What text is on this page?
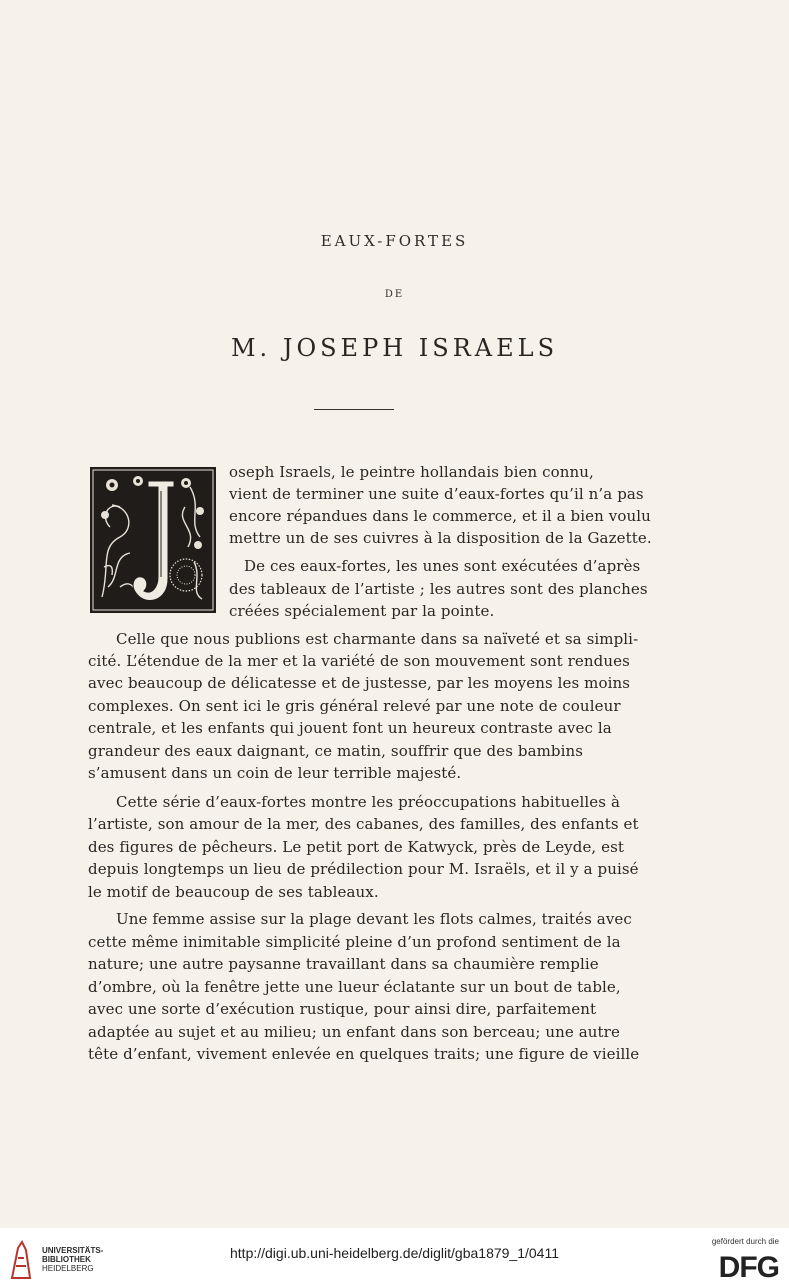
EAUX-FORTES
DE
M. JOSEPH ISRAELS
oseph Israels, le peintre hollandais bien connu,
vient de terminer une suite d’eaux-fortes qu’il n’a pas
encore répandues dans le commerce, et il a bien voulu
mettre un de ses cuivres à la disposition de la Gazette.
De ces eaux-fortes, les unes sont exécutées d’après
des tableaux de l’artiste ; les autres sont des planches
créées spécialement par la pointe.
Celle que nous publions est charmante dans sa naïveté et sa simpli-
cité. L’étendue de la mer et la variété de son mouvement sont rendues
avec beaucoup de délicatesse et de justesse, par les moyens les moins
complexes. On sent ici le gris général relevé par une note de couleur
centrale, et les enfants qui jouent font un heureux contraste avec la
grandeur des eaux daignant, ce matin, souffrir que des bambins
s’amusent dans un coin de leur terrible majesté.
Cette série d’eaux-fortes montre les préoccupations habituelles à
l’artiste, son amour de la mer, des cabanes, des familles, des enfants et
des figures de pêcheurs. Le petit port de Katwyck, près de Leyde, est
depuis longtemps un lieu de prédilection pour M. Israëls, et il y a puisé
le motif de beaucoup de ses tableaux.
Une femme assise sur la plage devant les flots calmes, traités avec
cette même inimitable simplicité pleine d’un profond sentiment de la
nature; une autre paysanne travaillant dans sa chaumière remplie
d’ombre, où la fenêtre jette une lueur éclatante sur un bout de table,
avec une sorte d’exécution rustique, pour ainsi dire, parfaitement
adaptée au sujet et au milieu; un enfant dans son berceau; une autre
tête d’enfant, vivement enlevée en quelques traits; une figure de vieille
UNIVERSITÄTS-
BIBLIOTHEK
HEIDELBERG
http://digi.ub.uni-heidelberg.de/diglit/gba1879_1/0411
gefördert durch die
DFG
